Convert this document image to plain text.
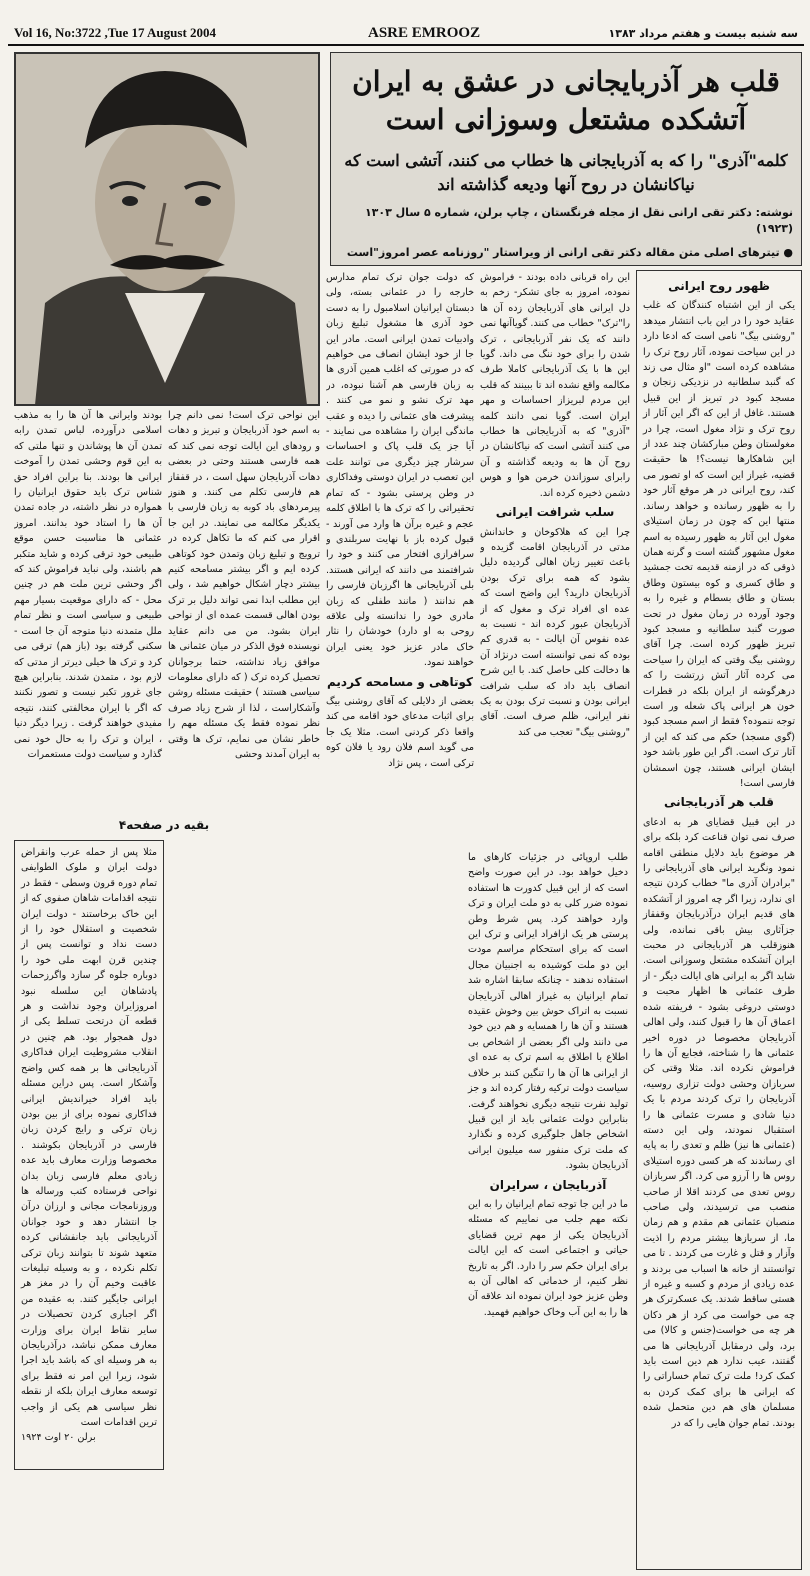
Vol 16, No:3722 ,Tue 17 August 2004	ASRE EMROOZ	سه شنبه بیست و هفتم مرداد ۱۳۸۳
قلب هر آذربایجانی در عشق به ایران آتشکده مشتعل وسوزانی است
کلمه"آذری" را که به آذربایجانی ها خطاب می کنند، آتشی است که نیاکانشان در روح آنها ودیعه گذاشته اند
نوشته: دکتر تقی ارانی نقل از مجله فرنگستان ، چاپ برلن، شماره ۵ سال ۱۳۰۳ (۱۹۲۳)
● تیترهای اصلی متن مقاله دکتر تقی ارانی از ویراستار "روزنامه عصر امروز"است
ظهور روح ایرانی

یکی از این اشتباه کنندگان که غلب عقاید خود را در این باب انتشار میدهد "روشنی بیگ" نامی است که ادعا دارد در این سیاحت نموده، آثار روح ترک را مشاهده کرده است "او مثال می زند که گنبد سلطانیه در نزدیکی زنجان و مسجد کبود در تبریز از این قبیل هستند. غافل از این که اگر این آثار از روح ترک و نژاد مغول است، چرا در مغولستان وطن مبارکشان چند عدد از این شاهکارها نیست؟! ها حقیقت قضیه، غیراز این است که او تصور می کند، روح ایرانی در هر موقع آثار خود را به ظهور رسانده و خواهد رساند. منتها این که چون در زمان استیلای مغول این آثار به ظهور رسیده به اسم مغول مشهور گشته است و گرنه همان ذوقی که در ازمنه قدیمه تخت جمشید و طاق کسری و کوه بیستون وطاق بستان و طاق بسطام و غیره را به وجود آورده در زمان مغول در تحت صورت گنبد سلطانیه و مسجد کبود تبریز ظهور کرده است. چرا آقای روشنی بیگ وقتی که ایران را سیاحت می کرده آثار آتش زرتشت را که درهرگوشه از ایران بلکه در قطرات خون هر ایرانی پاک شعله ور است توجه ننموده؟ فقط از اسم مسجد کبود (گوی مسجد) حکم می کند که این از آثار ترک است. اگر این طور باشد خود ایشان ایرانی هستند، چون اسمشان فارسی است!

قلب هر آذربایجانی

در این قبیل قضایای هر به ادعای صرف نمی توان قناعت کرد بلکه برای هر موضوع باید دلایل منطقی اقامه نمود ونگرید ایرانی های آذربایجانی را "برادران آذری ما" خطاب کردن نتیجه ای ندارد، زیرا اگر چه امروز از آتشکده های قدیم ایران درآذربایجان وقفقاز جزآثاری بیش باقی نمانده، ولی هنوزقلب هر آذربایجانی در محبت ایران آتشکده مشتعل وسوزانی است. شاید اگر به ایرانی های ایالت دیگر - از طرف عثمانی ها اظهار محبت و دوستی دروغی بشود - فریفته شده اعماق آن ها را قبول کنند، ولی اهالی آذربایجان مخصوصا در دوره اخیر عثمانی ها را شناخته، فجایع آن ها را فراموش نکرده اند. مثلا وقتی کن سربازان وحشی دولت تزاری روسیه، آذربایجان را ترک کردند مردم با یک دنیا شادی و مسرت عثمانی ها را استقبال نمودند، ولی این دسته (عثمانی ها نیز) ظلم و تعدی را به پایه ای رساندند که هر کسی دوره استیلای روس ها را آرزو می کرد. اگر سربازان روس تعدی می کردند اقلا از صاحب منصب می ترسیدند، ولی صاحب منصبان عثمانی هم مقدم و هم زمان ما، از سربازها بیشتر مردم را اذیت وآزار و قتل و غارت می کردند . تا می توانستند از خانه ها اسباب می بردند و عده زیادی از مردم و کسبه و غیره از هستی ساقط شدند. یک عسکرترک هر چه می خواست می کرد از هر دکان هر چه می خواست(جنس و کالا) می برد، ولی درمقابل آذربایجانی ها می گفتند، عیب ندارد هم دین است باید کمک کرد! ملت ترک تمام خساراتی را که ایرانی ها برای کمک کردن به مسلمان های هم دین متحمل شده بودند. تمام جوان هایی را که در

این راه قربانی داده بودند - فراموش نموده، امروز به جای تشکر- زخم به دل ایرانی های آذربایجان زده آن ها را"ترک" خطاب می کنند. گویاآنها نمی دانند که یک نفر آذربایجانی ، ترک شدن را برای خود ننگ می داند. گویا این ها با یک آذربایجانی کاملا طرف مکالمه واقع نشده اند تا ببینند که قلب این مردم لبریزاز احساسات و مهر ایران است. گویا نمی دانند کلمه "آذری" که به آذربایجانی ها خطاب می کنند آتشی است که نیاکانشان در روح آن ها به ودیعه گذاشته و آن رابرای سوزاندن خرمن هوا و هوس دشمن ذخیره کرده اند.

سلب شرافت ایرانی

چرا این که هلاکوخان و خاندانش مدتی در آذربایجان اقامت گزیده و باعث تغییر زبان اهالی گردیده دلیل بشود که همه برای ترک بودن آذربایجان دارید؟ این واضح است که عده ای افراد ترک و مغول که از آذربایجان عبور کرده اند - نسبت به عده نفوس آن ایالت - به قدری کم بوده که نمی توانسته است درنژاد آن ها دخالت کلی حاصل کند. با این شرح انصاف باید داد که سلب شرافت ایرانی بودن و نسبت ترک بودن به یک نفر ایرانی، ظلم صرف است. آقای "روشنی بیگ" تعجب می کند

که دولت جوان ترک تمام مدارس خارجه را در عثمانی بسته، ولی دبستان ایرانیان اسلامبول را به دست خود آذری ها مشغول تبلیغ زبان وادبیات تمدن ایرانی است. مادر این جا از خود ایشان انصاف می خواهیم که در صورتی که اغلب همین آذری ها به زبان فارسی هم آشنا نبوده، در مهد ترک نشو و نمو می کنند . پیشرفت های عثمانی را دیده و عقب ماندگی ایران را مشاهده می نمایند - آیا جز یک قلب پاک و احساسات سرشار چیز دیگری می توانند علت این تعصب در ایران دوستی وفداکاری در وطن پرستی بشود - که تمام تحقیراتی را که ترک ها با اطلاق کلمه عجم و غیره برآن ها وارد می آورند - قبول کرده باز با نهایت سربلندی و سرافرازی افتخار می کنند و خود را شرافتمند می دانند که ایرانی هستند. بلی آذربایجانی ها اگرزبان فارسی را هم ندانند ( مانند طفلی که زبان مادری خود را ندانسته ولی علاقه روحی به او دارد) خودشان را نثار خاک مادر عزیز خود یعنی ایران خواهند نمود.

کوتاهی و مسامحه کردیم

بعضی از دلایلی که آقای روشنی بیگ برای اثبات مدعای خود اقامه می کند واقعا ذکر کردنی است. مثلا یک جا می گوید اسم فلان رود یا فلان کوه ترکی است ، پس نژاد

این نواحی ترک است! نمی دانم چرا به اسم خود آذربایجان و تبریز و دهات و رودهای این ایالت توجه نمی کند که همه فارسی هستند وحتی در بعضی دهات آذربایجان سهل است ، در قفقاز هم فارسی تکلم می کنند. و هنوز پیرمردهای باد کوبه به زبان فارسی با یکدیگر مکالمه می نمایند. در این جا اقرار می کنم که ما تکاهل کرده در ترویج و تبلیغ زبان وتمدن خود کوتاهی کرده ایم و اگر بیشتر مسامحه کنیم بیشتر دچار اشکال خواهیم شد ، ولی این مطلب ابدا نمی تواند دلیل بر ترک بودن اهالی قسمت عمده ای از نواحی ایران بشود. من می دانم عقاید نویسنده فوق الذکر در میان عثمانی ها موافق زیاد نداشته، حتما برجوانان تحصیل کرده ترک ( که دارای معلومات سیاسی هستند ) حقیقت مسئله روشن وآشکاراست ، لذا از شرح زیاد صرف نظر نموده فقط یک مسئله مهم را خاطر نشان می نمایم، ترک ها وقتی به ایران آمدند وحشی

بودند وایرانی ها آن ها را به مذهب اسلامی درآورده، لباس تمدن رابه تمدن آن ها پوشاندن و تنها ملتی که به این قوم وحشی تمدن را آموخت ایرانی ها بودند. بنا براین افراد حق شناس ترک باید حقوق ایرانیان را همواره در نظر داشته، در جاده تمدن آن ها را استاد خود بدانند. امروز عثمانی ها مناسبت حسن موقع طبیعی خود ترقی کرده و شاید متکبر هم باشند، ولی نباید فراموش کند که اگر وحشی ترین ملت هم در چنین محل - که دارای موقعیت بسیار مهم طبیعی و سیاسی است و نظر تمام ملل متمدنه دنیا متوجه آن جا است - سکنی گرفته بود (باز هم) ترقی می کرد و ترک ها خیلی دیرتر از مدتی که لازم بود ، متمدن شدند. بنابراین هیچ جای غرور تکبر نیست و تصور نکنند که اگر با ایران مخالفتی کنند، نتیجه مفیدی خواهند گرفت . زیرا دیگر دنیا ، ایران و ترک را به حال خود نمی گذارد و سیاست دولت مستعمرات

بقیه در صفحه۴

طلب اروپائی در جزئیات کارهای ما دخیل خواهد بود. در این صورت واضح است که از این قبیل کدورت ها استفاده نموده ضرر کلی به دو ملت ایران و ترک وارد خواهند کرد. پس شرط وطن پرستی هر یک ازافراد ایرانی و ترک این است که برای استحکام مراسم مودت این دو ملت کوشیده به اجنبیان مجال استفاده ندهند - چنانکه سابقا اشاره شد تمام ایرانیان به غیراز اهالی آذربایجان نسبت به اتراک حوش بین وخوش عقیده هستند و آن ها را همسایه و هم دین خود می دانند ولی اگر بعضی از اشخاص بی اطلاع با اطلاق به اسم ترک به عده ای از ایرانی ها آن ها را تنگین کنند بر خلاف سیاست دولت ترکیه رفتار کرده اند و جز تولید نفرت نتیجه دیگری نخواهند گرفت. بنابراین دولت عثمانی باید از این قبیل اشخاص جاهل جلوگیری کرده و نگذارد که ملت ترک منفور سه میلیون ایرانی آذربایجان بشود.

آذربایجان ، سرایران

ما در این جا توجه تمام ایرانیان را به این نکته مهم جلب می نماییم که مسئله آذربایجان یکی از مهم ترین قضایای حیاتی و اجتماعی است که این ایالت برای ایران حکم سر را دارد. اگر به تاریخ نظر کنیم، از خدماتی که اهالی آن به وطن عزیز خود ایران نموده اند علاقه آن ها را به این آب وخاک خواهیم فهمید.

مثلا پس از حمله عرب وانقراض دولت ایران و ملوک الطوایفی تمام دوره قرون وسطی - فقط در نتیجه اقدامات شاهان صفوی که از این خاک برخاستند - دولت ایران شخصیت و استقلال خود را از دست نداد و توانست پس از چندین قرن ابهت ملی خود را دوباره جلوه گر سازد واگرزحمات پادشاهان این سلسله نبود امروزایران وجود نداشت و هر قطعه آن درتحت تسلط یکی از دول همجوار بود. هم چنین در انقلاب مشروطیت ایران فداکاری آذربایجانی ها بر همه کس واضح وآشکار است. پس دراین مسئله باید افراد خیراندیش ایرانی فداکاری نموده برای از بین بودن زبان ترکی و رایج کردن زبان فارسی در آذربایجان بکوشند . مخصوصا وزارت معارف باید عده زیادی معلم فارسی زبان بدان نواحی فرستاده کتب ورساله ها وروزنامجات مجانی و ارزان درآن جا انتشار دهد و خود جوانان آذربایجانی باید جانفشانی کرده متعهد شوند تا بتوانند زبان ترکی تکلم نکرده ، و به وسیله تبلیغات عاقبت وخیم آن را در مغز هر ایرانی جایگیر کنند. به عقیده من اگر اجباری کردن تحصیلات در سایر نقاط ایران برای وزارت معارف ممکن نباشد، درآذربایجان به هر وسیله ای که باشد باید اجرا شود، زیرا این امر نه فقط برای توسعه معارف ایران بلکه از نقطه نظر سیاسی هم یکی از واجب ترین اقدامات است

برلن ۲۰ اوت ۱۹۲۴
